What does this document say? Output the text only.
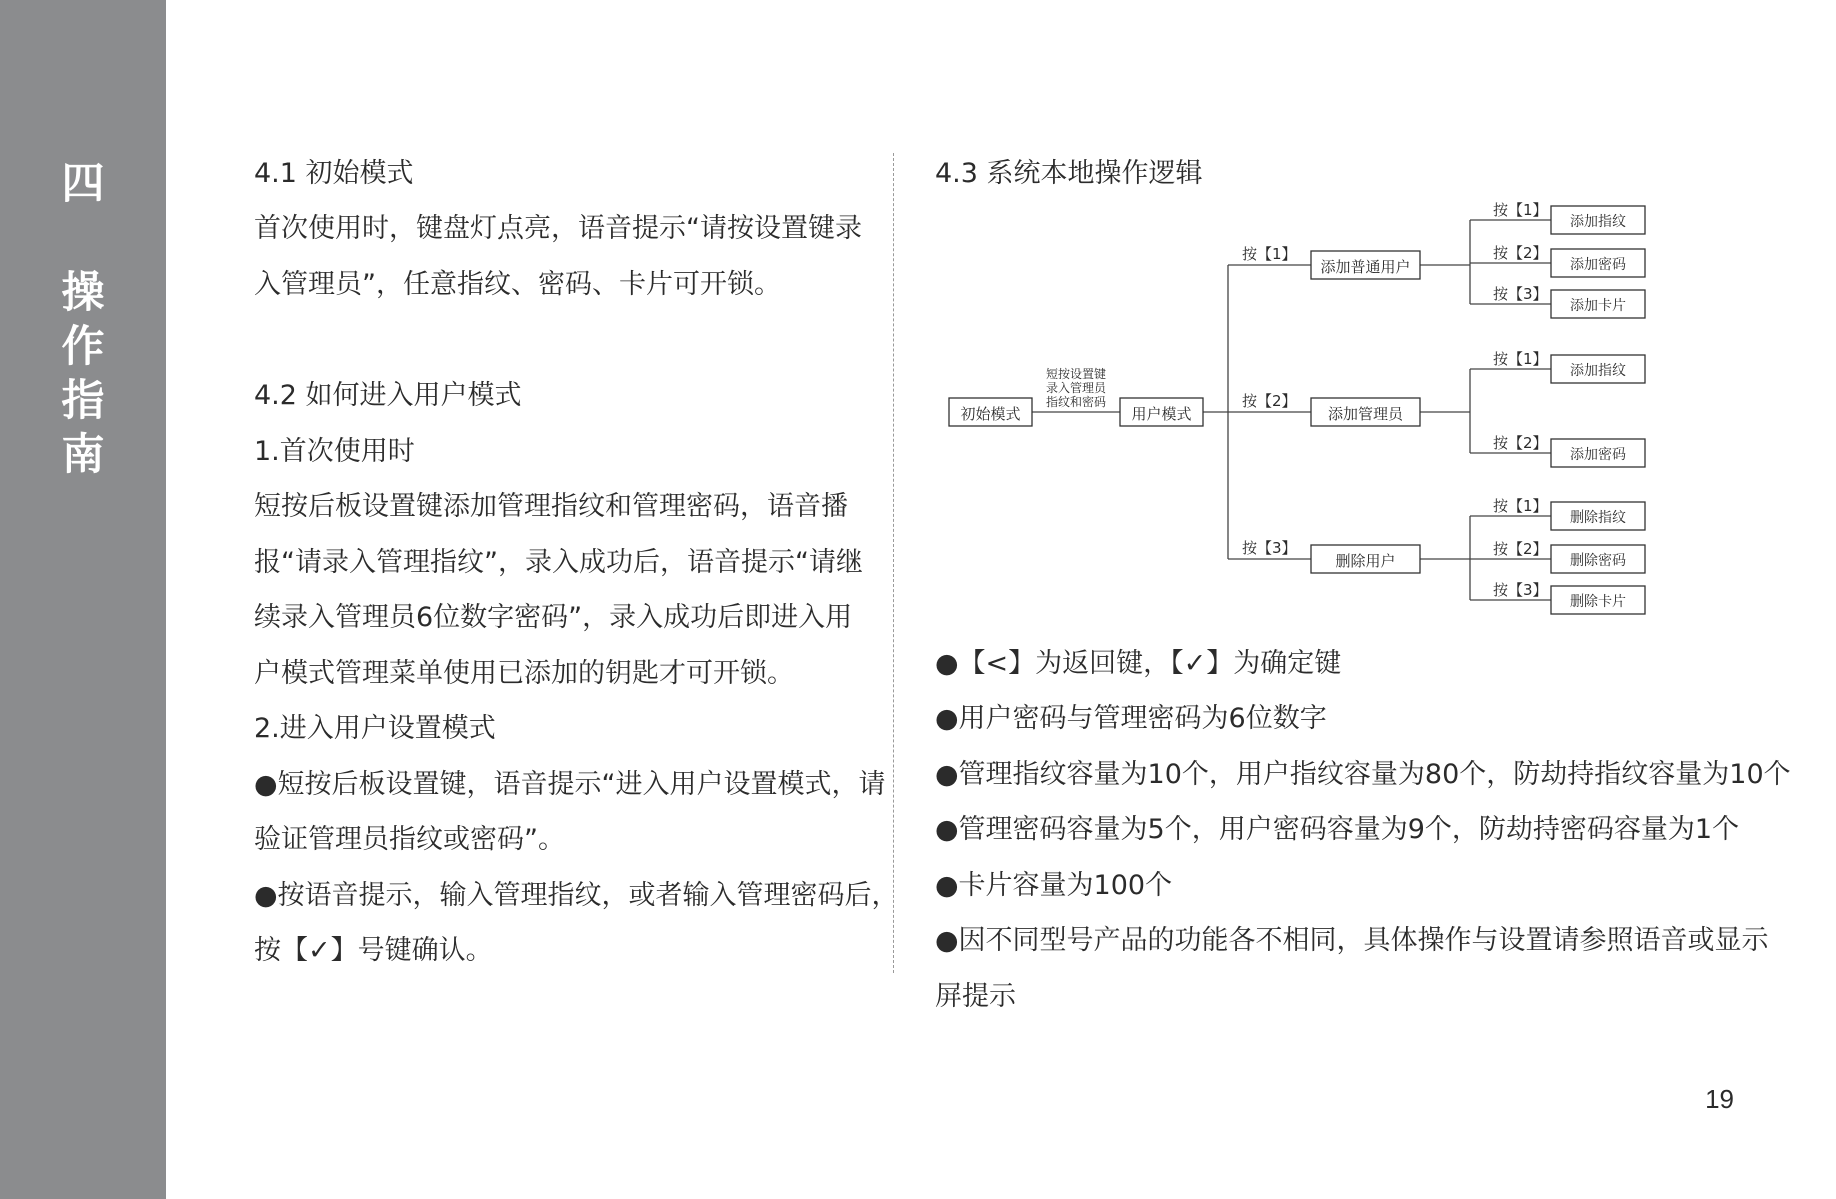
四
操
作
指
南
4.1 初始模式
首次使用时，键盘灯点亮，语音提示“请按设置键录
入管理员”，任意指纹、密码、卡片可开锁。
4.2 如何进入用户模式
1.首次使用时
短按后板设置键添加管理指纹和管理密码，语音播
报“请录入管理指纹”，录入成功后，语音提示“请继
续录入管理员6位数字密码”，录入成功后即进入用
户模式管理菜单使用已添加的钥匙才可开锁。
2.进入用户设置模式
●短按后板设置键，语音提示“进入用户设置模式，请
验证管理员指纹或密码”。
●按语音提示，输入管理指纹，或者输入管理密码后，
按【✓】号键确认。
4.3 系统本地操作逻辑
初始模式
短按设置键
录入管理员
指纹和密码
用户模式
按【1】
按【2】
按【3】
添加普通用户
添加管理员
删除用户
按【1】
按【2】
按【3】
按【1】
按【2】
按【1】
按【2】
按【3】
添加指纹
添加密码
添加卡片
添加指纹
添加密码
删除指纹
删除密码
删除卡片
●【<】为返回键，【✓】为确定键
●用户密码与管理密码为6位数字
●管理指纹容量为10个，用户指纹容量为80个，防劫持指纹容量为10个
●管理密码容量为5个，用户密码容量为9个，防劫持密码容量为1个
●卡片容量为100个
●因不同型号产品的功能各不相同，具体操作与设置请参照语音或显示
屏提示
19
